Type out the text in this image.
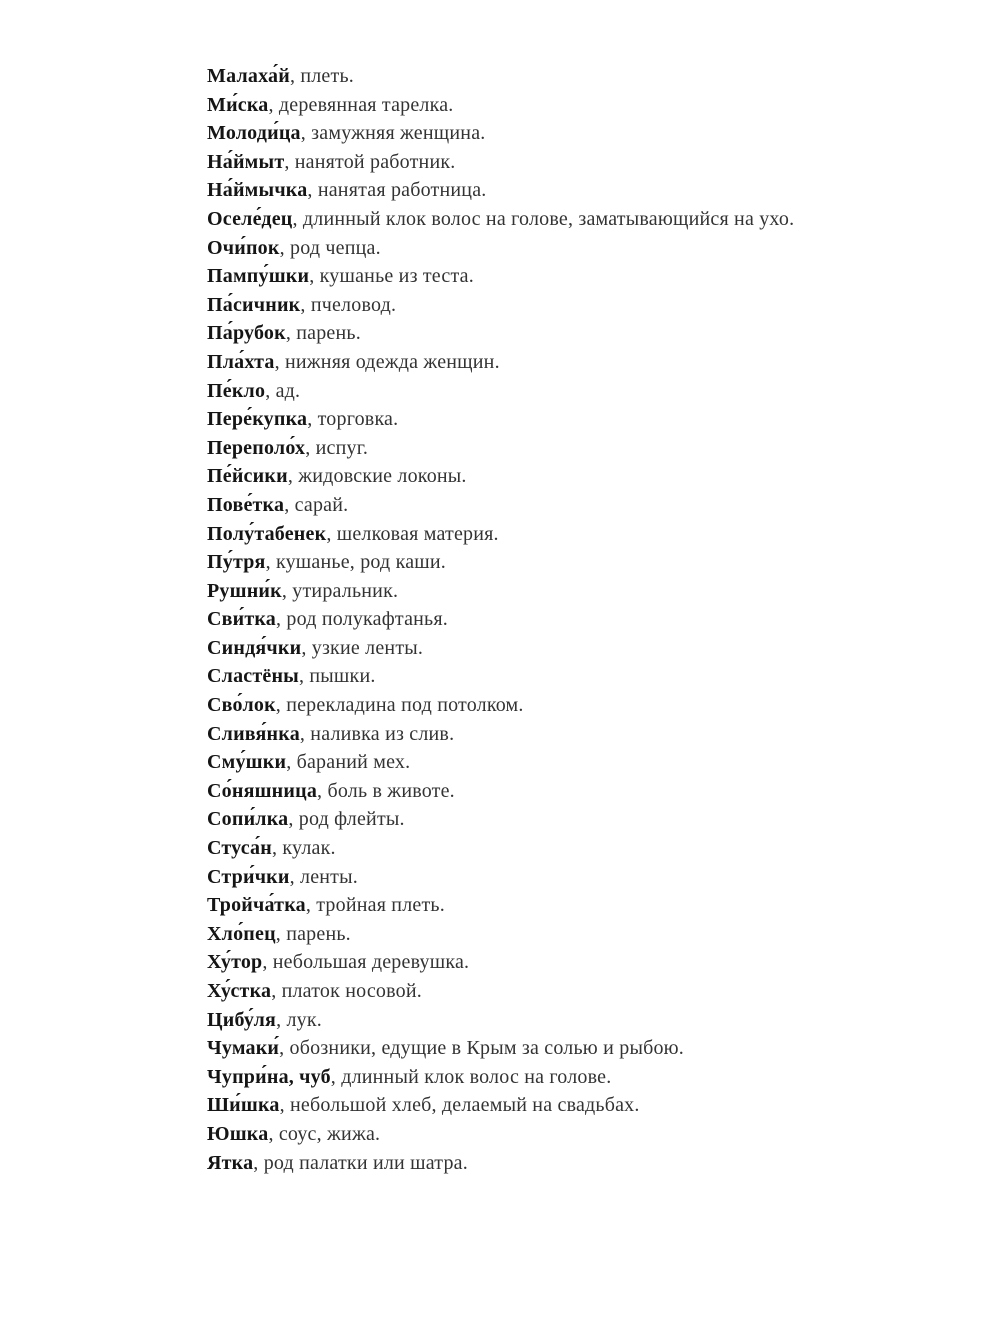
Малаха́й, плеть.
Ми́ска, деревянная тарелка.
Молоди́ца, замужняя женщина.
На́ймыт, нанятой работник.
На́ймычка, нанятая работница.
Оселе́дец, длинный клок волос на голове, заматывающийся на ухо.
Очи́пок, род чепца.
Пампу́шки, кушанье из теста.
Па́сичник, пчеловод.
Па́рубок, парень.
Пла́хта, нижняя одежда женщин.
Пе́кло, ад.
Пере́купка, торговка.
Переполо́х, испуг.
Пе́йсики, жидовские локоны.
Пове́тка, сарай.
Полу́табенек, шелковая материя.
Пу́тря, кушанье, род каши.
Рушни́к, утиральник.
Сви́тка, род полукафтанья.
Синдя́чки, узкие ленты.
Сластёны, пышки.
Сво́лок, перекладина под потолком.
Сливя́нка, наливка из слив.
Сму́шки, бараний мех.
Со́няшница, боль в животе.
Сопи́лка, род флейты.
Стуса́н, кулак.
Стри́чки, ленты.
Тройча́тка, тройная плеть.
Хло́пец, парень.
Ху́тор, небольшая деревушка.
Ху́стка, платок носовой.
Цибу́ля, лук.
Чумаки́, обозники, едущие в Крым за солью и рыбою.
Чупри́на, чуб, длинный клок волос на голове.
Ши́шка, небольшой хлеб, делаемый на свадьбах.
Юшка, соус, жижа.
Ятка, род палатки или шатра.
